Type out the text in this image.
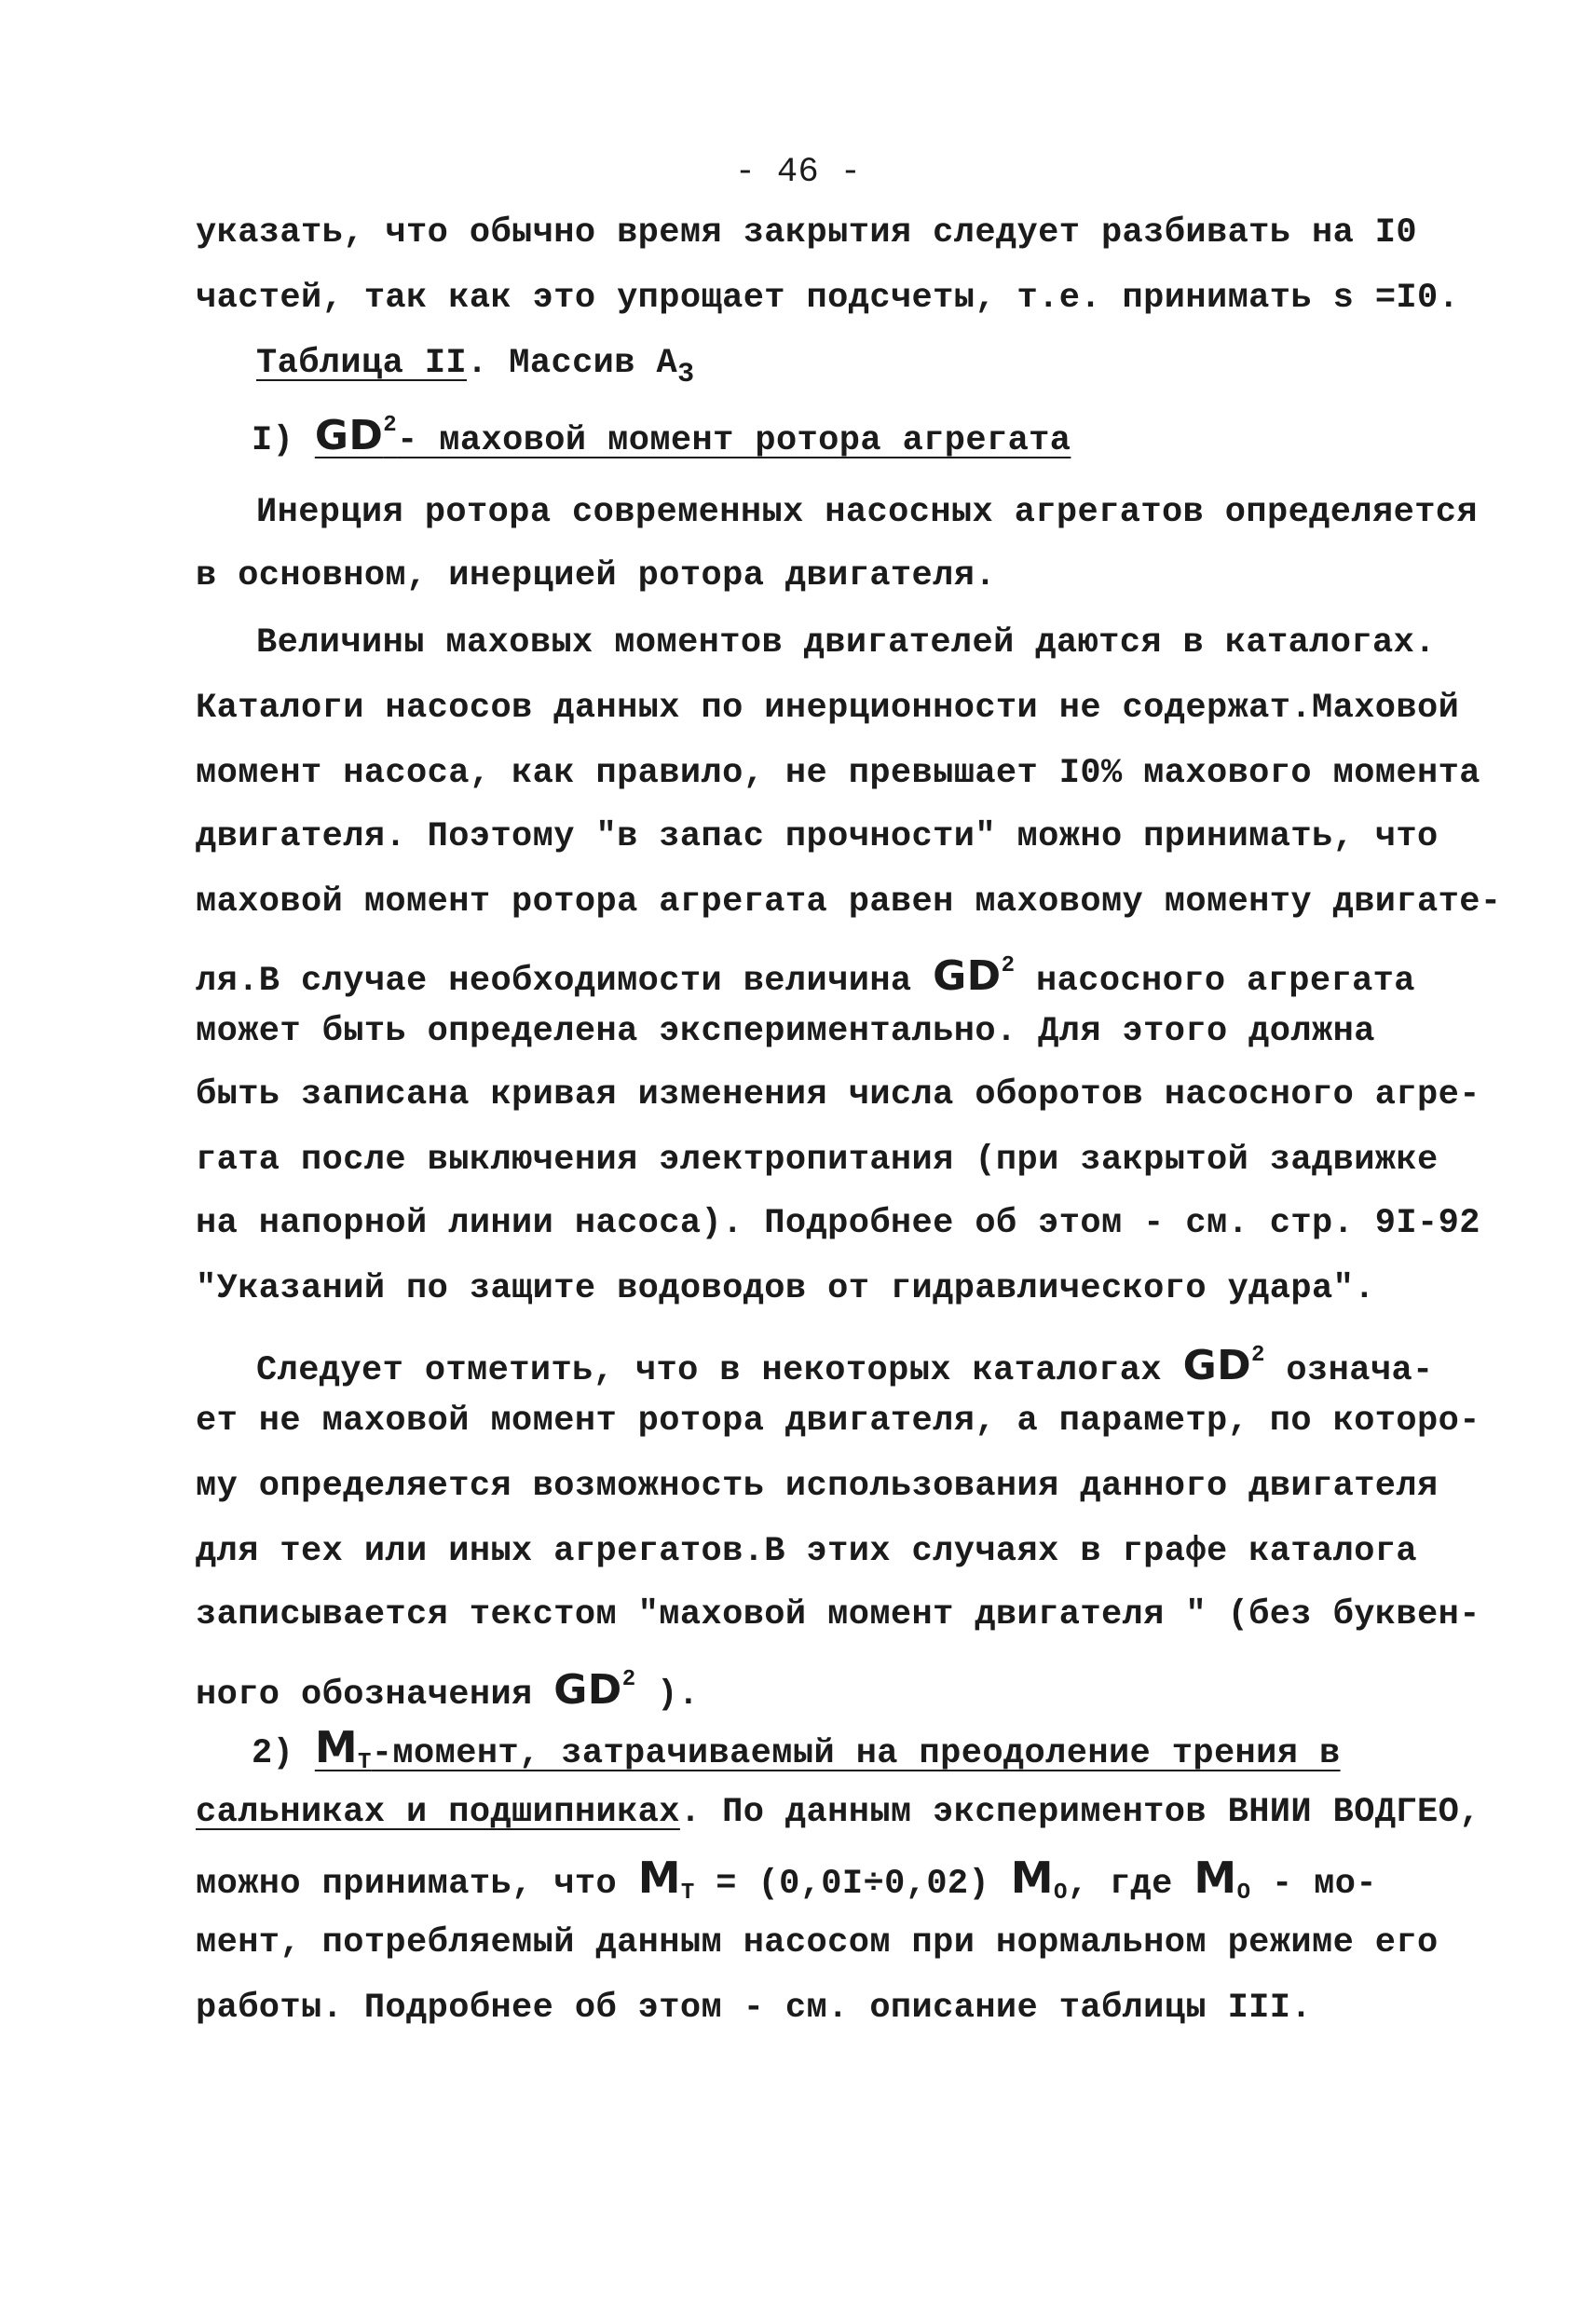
- 46 -
указать, что обычно время закрытия следует разбивать на I0
частей, так как это упрощает подсчеты, т.е. принимать ѕ =I0.
Таблица II. Массив $А_3$
I) $GD^2-$ маховой момент ротора агрегата
Инерция ротора современных насосных агрегатов определяется
в основном, инерцией ротора двигателя.
Величины маховых моментов двигателей даются в каталогах.
Каталоги насосов данных по инерционности не содержат.Маховой
момент насоса, как правило, не превышает I0% махового момента
двигателя. Поэтому "в запас прочности" можно принимать, что
маховой момент ротора агрегата равен маховому моменту двигате-
ля.В случае необходимости величина $GD^2$ насосного агрегата
может быть определена экспериментально. Для этого должна
быть записана кривая изменения числа оборотов насосного агре-
гата после выключения электропитания (при закрытой задвижке
на напорной линии насоса). Подробнее об этом - см. стр. 9I-92
"Указаний по защите водоводов от гидравлического удара".
Следует отметить, что в некоторых каталогах $GD^2$ означа-
ет не маховой момент ротора двигателя, а параметр, по которо-
му определяется возможность использования данного двигателя
для тех или иных агрегатов.В этих случаях в графе каталога
записывается текстом "маховой момент двигателя " (без буквен-
ного обозначения $GD^2$ ).
2) $M_T$-момент, затрачиваемый на преодоление трения в
сальниках и подшипниках. По данным экспериментов ВНИИ ВОДГЕО,
можно принимать, что $M_T = (0,0I\div 0,02)$ $M_O$, где $M_O - мо-$
мент, потребляемый данным насосом при нормальном режиме его
работы. Подробнее об этом - см. описание таблицы III.
